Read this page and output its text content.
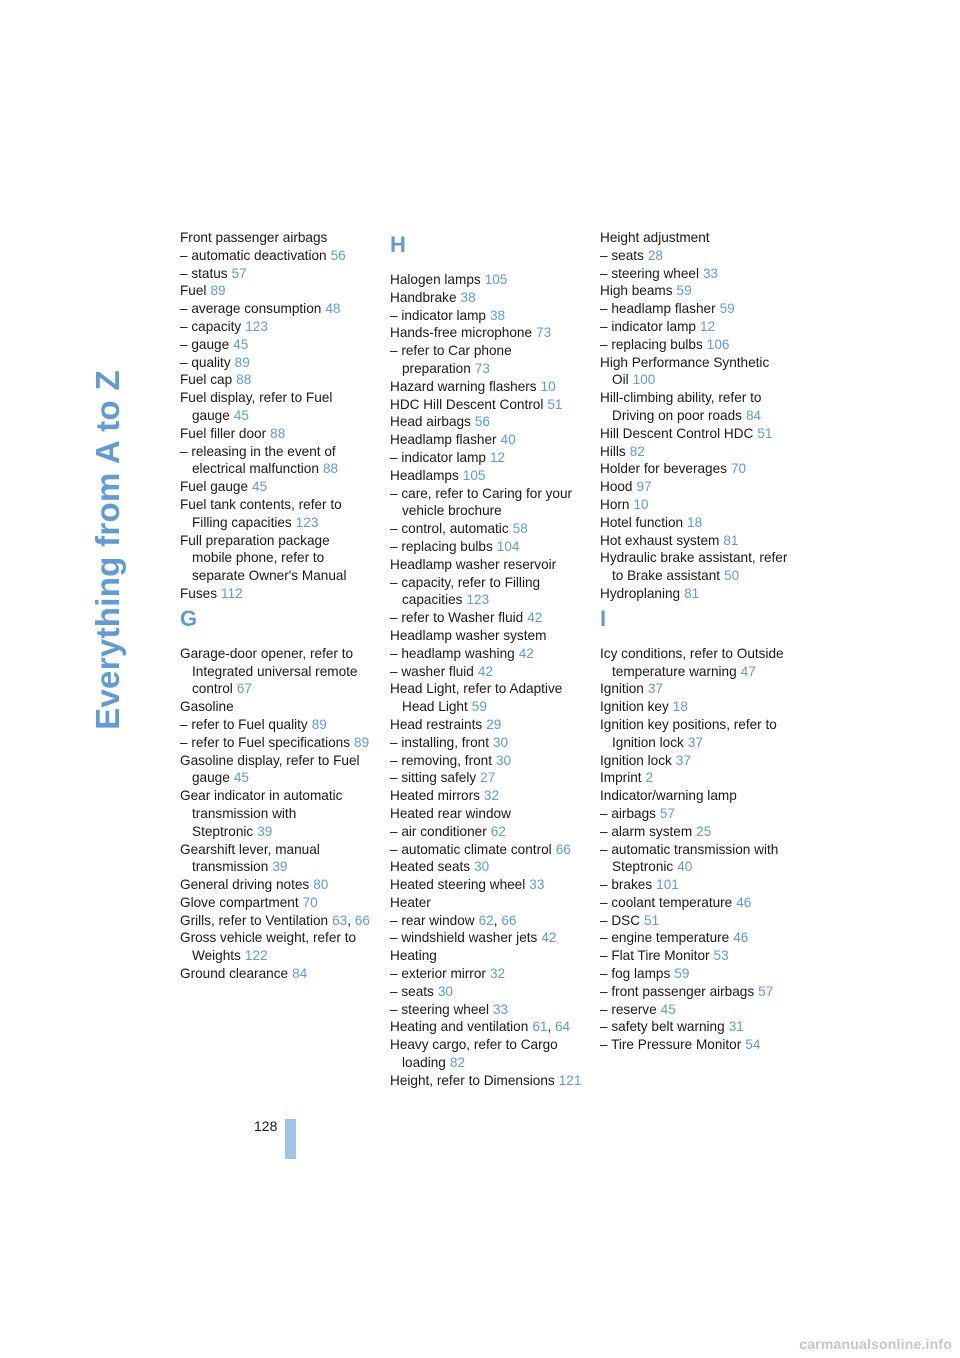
Everything from A to Z
Front passenger airbags
– automatic deactivation 56
– status 57
Fuel 89
– average consumption 48
– capacity 123
– gauge 45
– quality 89
Fuel cap 88
Fuel display, refer to Fuel gauge 45
Fuel filler door 88
– releasing in the event of electrical malfunction 88
Fuel gauge 45
Fuel tank contents, refer to Filling capacities 123
Full preparation package mobile phone, refer to separate Owner's Manual
Fuses 112
G
Garage-door opener, refer to Integrated universal remote control 67
Gasoline
– refer to Fuel quality 89
– refer to Fuel specifications 89
Gasoline display, refer to Fuel gauge 45
Gear indicator in automatic transmission with Steptronic 39
Gearshift lever, manual transmission 39
General driving notes 80
Glove compartment 70
Grills, refer to Ventilation 63, 66
Gross vehicle weight, refer to Weights 122
Ground clearance 84
H
Halogen lamps 105
Handbrake 38
– indicator lamp 38
Hands-free microphone 73
– refer to Car phone preparation 73
Hazard warning flashers 10
HDC Hill Descent Control 51
Head airbags 56
Headlamp flasher 40
– indicator lamp 12
Headlamps 105
– care, refer to Caring for your vehicle brochure
– control, automatic 58
– replacing bulbs 104
Headlamp washer reservoir
– capacity, refer to Filling capacities 123
– refer to Washer fluid 42
Headlamp washer system
– headlamp washing 42
– washer fluid 42
Head Light, refer to Adaptive Head Light 59
Head restraints 29
– installing, front 30
– removing, front 30
– sitting safely 27
Heated mirrors 32
Heated rear window
– air conditioner 62
– automatic climate control 66
Heated seats 30
Heated steering wheel 33
Heater
– rear window 62, 66
– windshield washer jets 42
Heating
– exterior mirror 32
– seats 30
– steering wheel 33
Heating and ventilation 61, 64
Heavy cargo, refer to Cargo loading 82
Height, refer to Dimensions 121
Height adjustment
– seats 28
– steering wheel 33
High beams 59
– headlamp flasher 59
– indicator lamp 12
– replacing bulbs 106
High Performance Synthetic Oil 100
Hill-climbing ability, refer to Driving on poor roads 84
Hill Descent Control HDC 51
Hills 82
Holder for beverages 70
Hood 97
Horn 10
Hotel function 18
Hot exhaust system 81
Hydraulic brake assistant, refer to Brake assistant 50
Hydroplaning 81
I
Icy conditions, refer to Outside temperature warning 47
Ignition 37
Ignition key 18
Ignition key positions, refer to Ignition lock 37
Ignition lock 37
Imprint 2
Indicator/warning lamp
– airbags 57
– alarm system 25
– automatic transmission with Steptronic 40
– brakes 101
– coolant temperature 46
– DSC 51
– engine temperature 46
– Flat Tire Monitor 53
– fog lamps 59
– front passenger airbags 57
– reserve 45
– safety belt warning 31
– Tire Pressure Monitor 54
128
carmanualsonline.info
